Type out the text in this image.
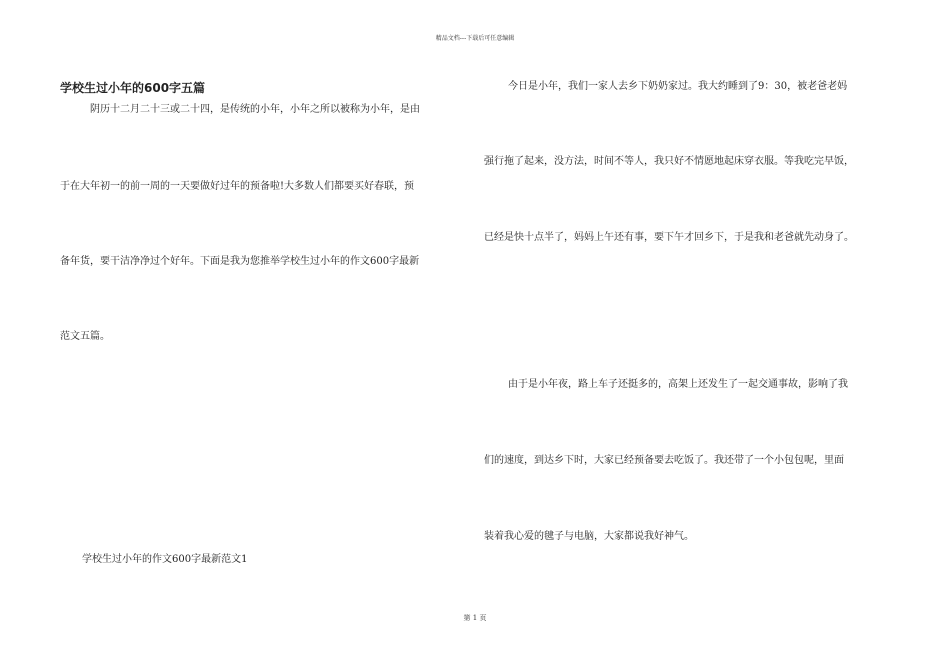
精品文档---下载后可任意编辑
学校生过小年的600字五篇
阴历十二月二十三或二十四，是传统的小年，小年之所以被称为小年，是由
于在大年初一的前一周的一天要做好过年的预备啦!大多数人们都要买好春联，预
备年货，要干洁净净过个好年。下面是我为您推举学校生过小年的作文600字最新
范文五篇。
学校生过小年的作文600字最新范文1
今日是小年，我们一家人去乡下奶奶家过。我大约睡到了9：30，被老爸老妈
强行拖了起来，没方法，时间不等人，我只好不情愿地起床穿衣服。等我吃完早饭，
已经是快十点半了，妈妈上午还有事，要下午才回乡下，于是我和老爸就先动身了。
由于是小年夜，路上车子还挺多的，高架上还发生了一起交通事故，影响了我
们的速度，到达乡下时，大家已经预备要去吃饭了。我还带了一个小包包呢，里面
装着我心爱的毽子与电脑，大家都说我好神气。
第 1 页
